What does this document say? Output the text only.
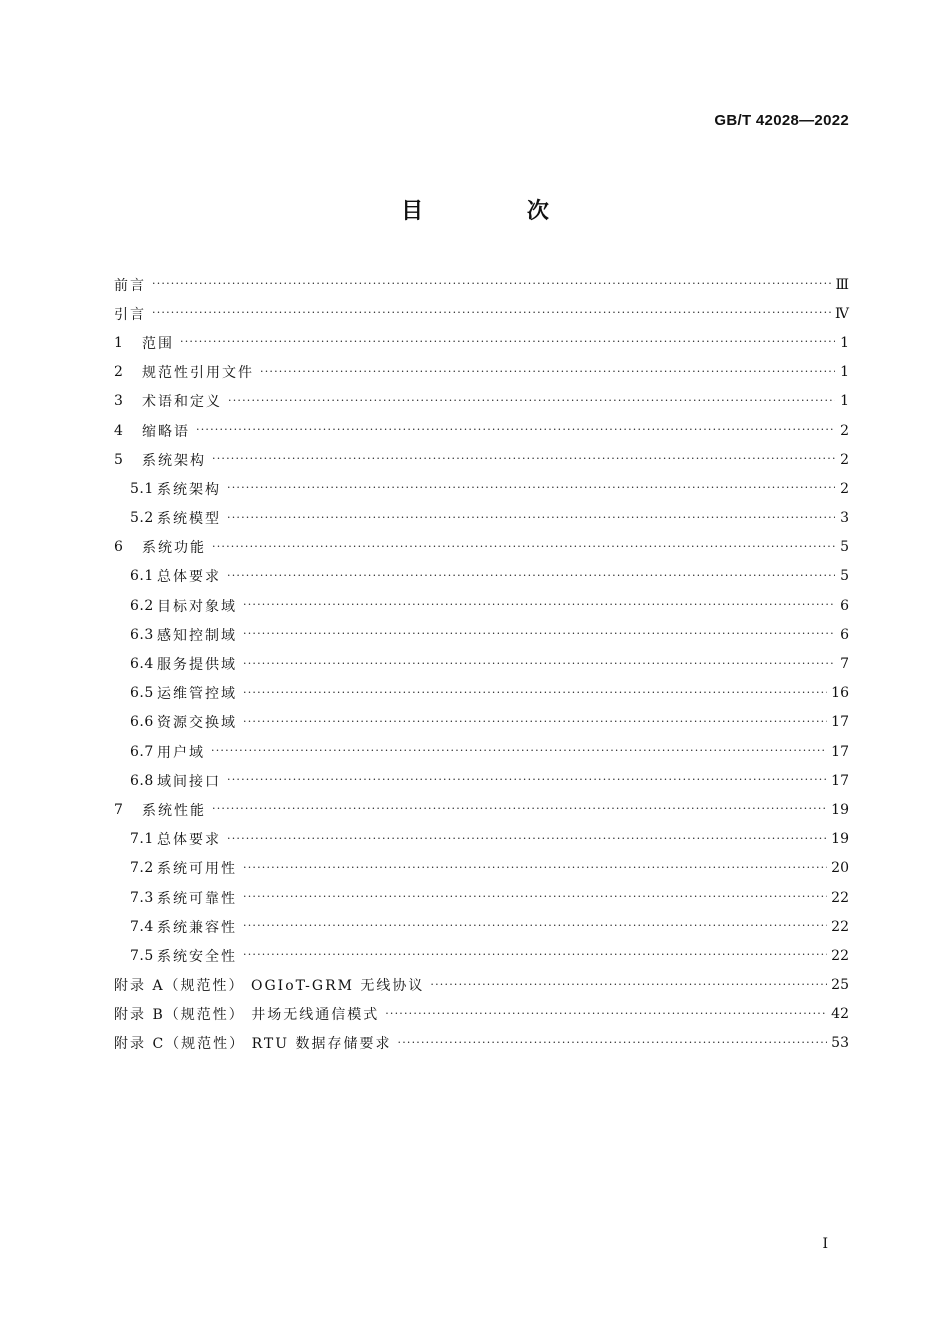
GB/T 42028—2022
目 次
前言 ·····	Ⅲ
引言 ·····	Ⅳ
1	范围 ·····	1
2	规范性引用文件 ·····	1
3	术语和定义 ·····	1
4	缩略语 ·····	2
5	系统架构 ·····	2
5.1 系统架构 ·····	2
5.2 系统模型 ·····	3
6	系统功能 ·····	5
6.1 总体要求 ·····	5
6.2 目标对象域 ·····	6
6.3 感知控制域 ·····	6
6.4 服务提供域 ·····	7
6.5 运维管控域 ·····	16
6.6 资源交换域 ·····	17
6.7 用户域 ·····	17
6.8 域间接口 ·····	17
7	系统性能 ·····	19
7.1 总体要求 ·····	19
7.2 系统可用性 ·····	20
7.3 系统可靠性 ·····	22
7.4 系统兼容性 ·····	22
7.5 系统安全性 ·····	22
附录 A（规范性） OGIoT-GRM 无线协议 ·····	25
附录 B（规范性） 井场无线通信模式 ·····	42
附录 C（规范性） RTU 数据存储要求 ·····	53
I
